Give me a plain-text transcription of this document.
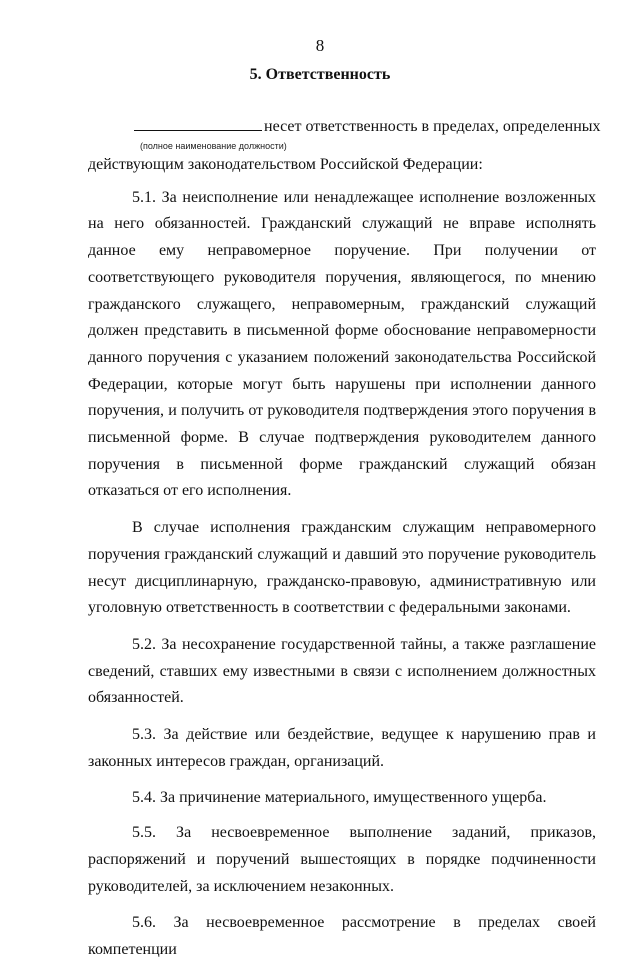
8
5. Ответственность
несет ответственность в пределах, определенных
(полное наименование должности)

действующим законодательством Российской Федерации:

5.1. За неисполнение или ненадлежащее исполнение возложенных на него обязанностей. Гражданский служащий не вправе исполнять данное ему неправомерное поручение. При получении от соответствующего руководителя поручения, являющегося, по мнению гражданского служащего, неправомерным, гражданский служащий должен представить в письменной форме обоснование неправомерности данного поручения с указанием положений законодательства Российской Федерации, которые могут быть нарушены при исполнении данного поручения, и получить от руководителя подтверждения этого поручения в письменной форме. В случае подтверждения руководителем данного поручения в письменной форме гражданский служащий обязан отказаться от его исполнения.

В случае исполнения гражданским служащим неправомерного поручения гражданский служащий и давший это поручение руководитель несут дисциплинарную, гражданско-правовую, административную или уголовную ответственность в соответствии с федеральными законами.

5.2. За несохранение государственной тайны, а также разглашение сведений, ставших ему известными в связи с исполнением должностных обязанностей.

5.3. За действие или бездействие, ведущее к нарушению прав и законных интересов граждан, организаций.

5.4. За причинение материального, имущественного ущерба.

5.5. За несвоевременное выполнение заданий, приказов, распоряжений и поручений вышестоящих в порядке подчиненности руководителей, за исключением незаконных.

5.6. За несвоевременное рассмотрение в пределах своей компетенции
